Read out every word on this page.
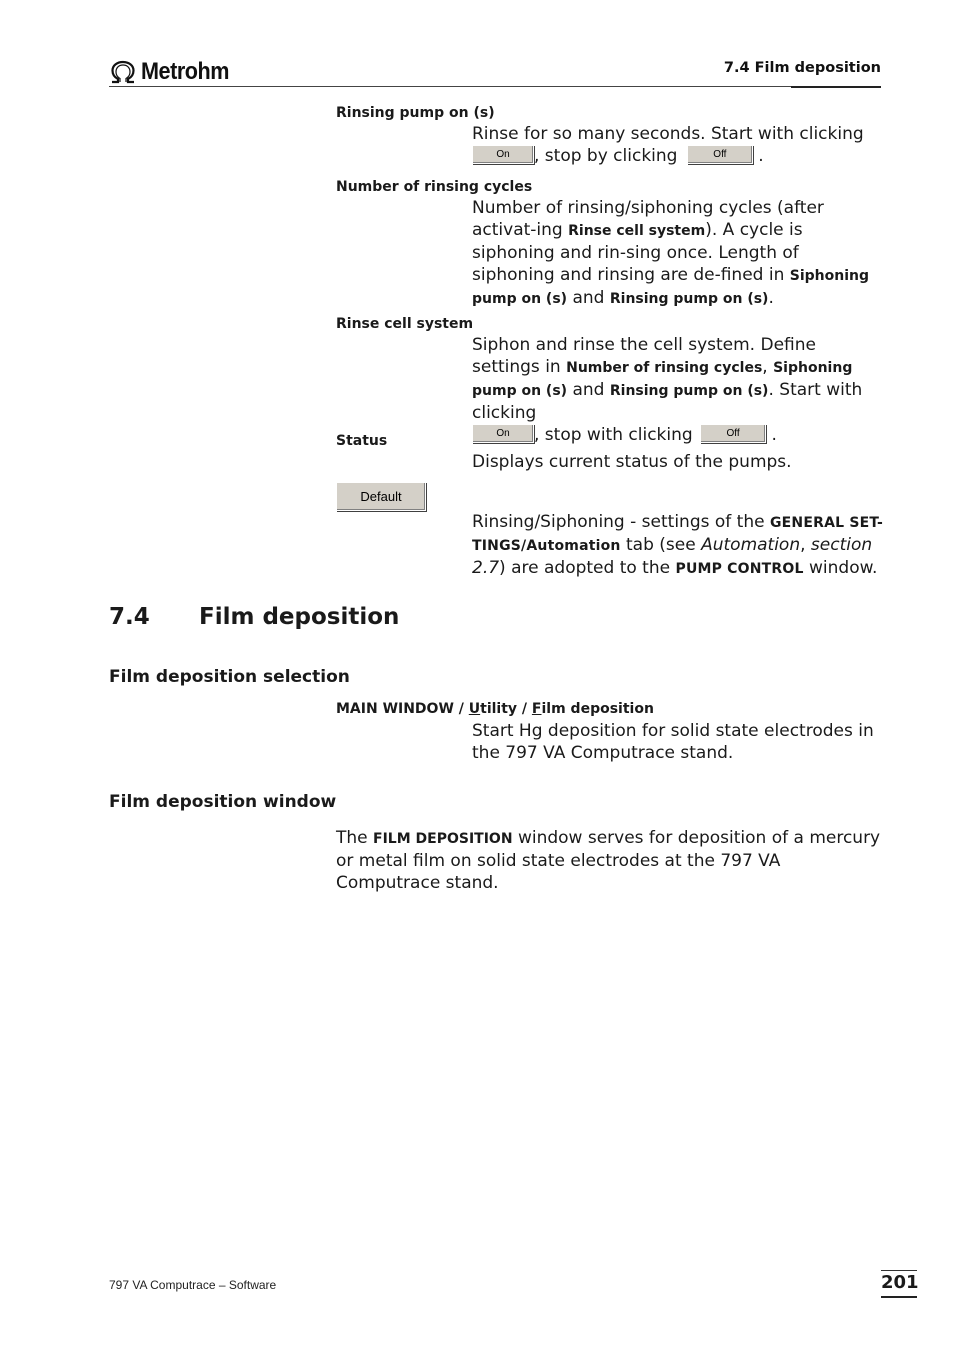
Metrohm	7.4 Film deposition
Rinsing pump on (s)
Rinse for so many seconds. Start with clicking
On , stop by clicking	Off .
Number of rinsing cycles
Number of rinsing/siphoning cycles (after activat-ing Rinse cell system). A cycle is siphoning and rin-sing once. Length of siphoning and rinsing are de-fined in Siphoning pump on (s) and Rinsing pump on (s).
Rinse cell system
Siphon and rinse the cell system. Define settings in Number of rinsing cycles, Siphoning pump on (s) and Rinsing pump on (s). Start with clicking
On , stop with clicking	Off .
Status
Displays current status of the pumps.
Default
Rinsing/Siphoning - settings of the GENERAL SET-TINGS/Automation tab (see Automation, section 2.7) are adopted to the PUMP CONTROL window.
7.4 Film deposition
Film deposition selection
MAIN WINDOW / Utility / Film deposition
Start Hg deposition for solid state electrodes in the 797 VA Computrace stand.
Film deposition window
The FILM DEPOSITION window serves for deposition of a mercury or metal film on solid state electrodes at the 797 VA Computrace stand.
797 VA Computrace – Software	201
